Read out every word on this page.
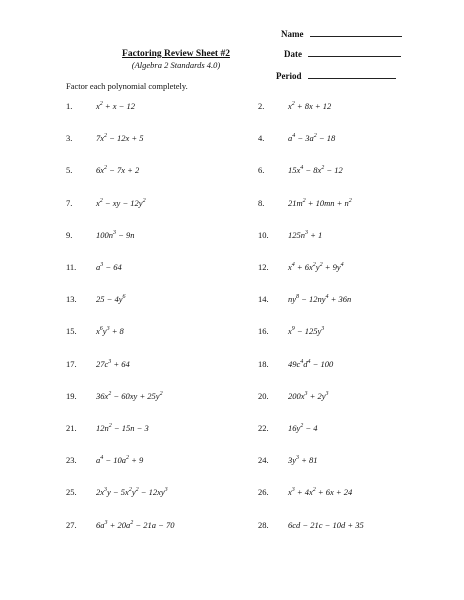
Name
Date
Period
Factoring Review Sheet #2
(Algebra 2 Standards 4.0)
Factor each polynomial completely.
1.	$x^2 + x - 12$	2.	$x^2 + 8x + 12$
3.	$7x^2 - 12x + 5$	4.	$a^4 - 3a^2 - 18$
5.	$6x^2 - 7x + 2$	6.	$15x^4 - 8x^2 - 12$
7.	$x^2$ − xy − $12y^2$	8.	$21m^2 + 10mn + n^2$
9.	$100n^3 - 9n$	10. $125n^3 + 1$
11. $a^3 - 64$	12. $x^4 + 6x^2y^2 + 9y^4$
13. $25 - 4y^6$	14. $ny^8 - 12ny^4 + 36n$
15. $x^6y^3 + 8$	16. $x^9 - 125y^3$
17. $27c^3 + 64$	18. $49c^4d^4 - 100$
19. $36x^2 - 60xy + 25y^2$	20. $200x^3 + 2y^3$
21. $12n^2 - 15n - 3$	22. $16y^2 - 4$
23. $a^4 - 10a^2 + 9$	24. $3y^3 + 81$
25. $2x^3y - 5x^2y^2 - 12xy^3$	26. $x^3 + 4x^2 + 6x + 24$
27. $6a^3 + 20a^2 - 21a - 70$	28. 6cd − 21c − 10d + 35
